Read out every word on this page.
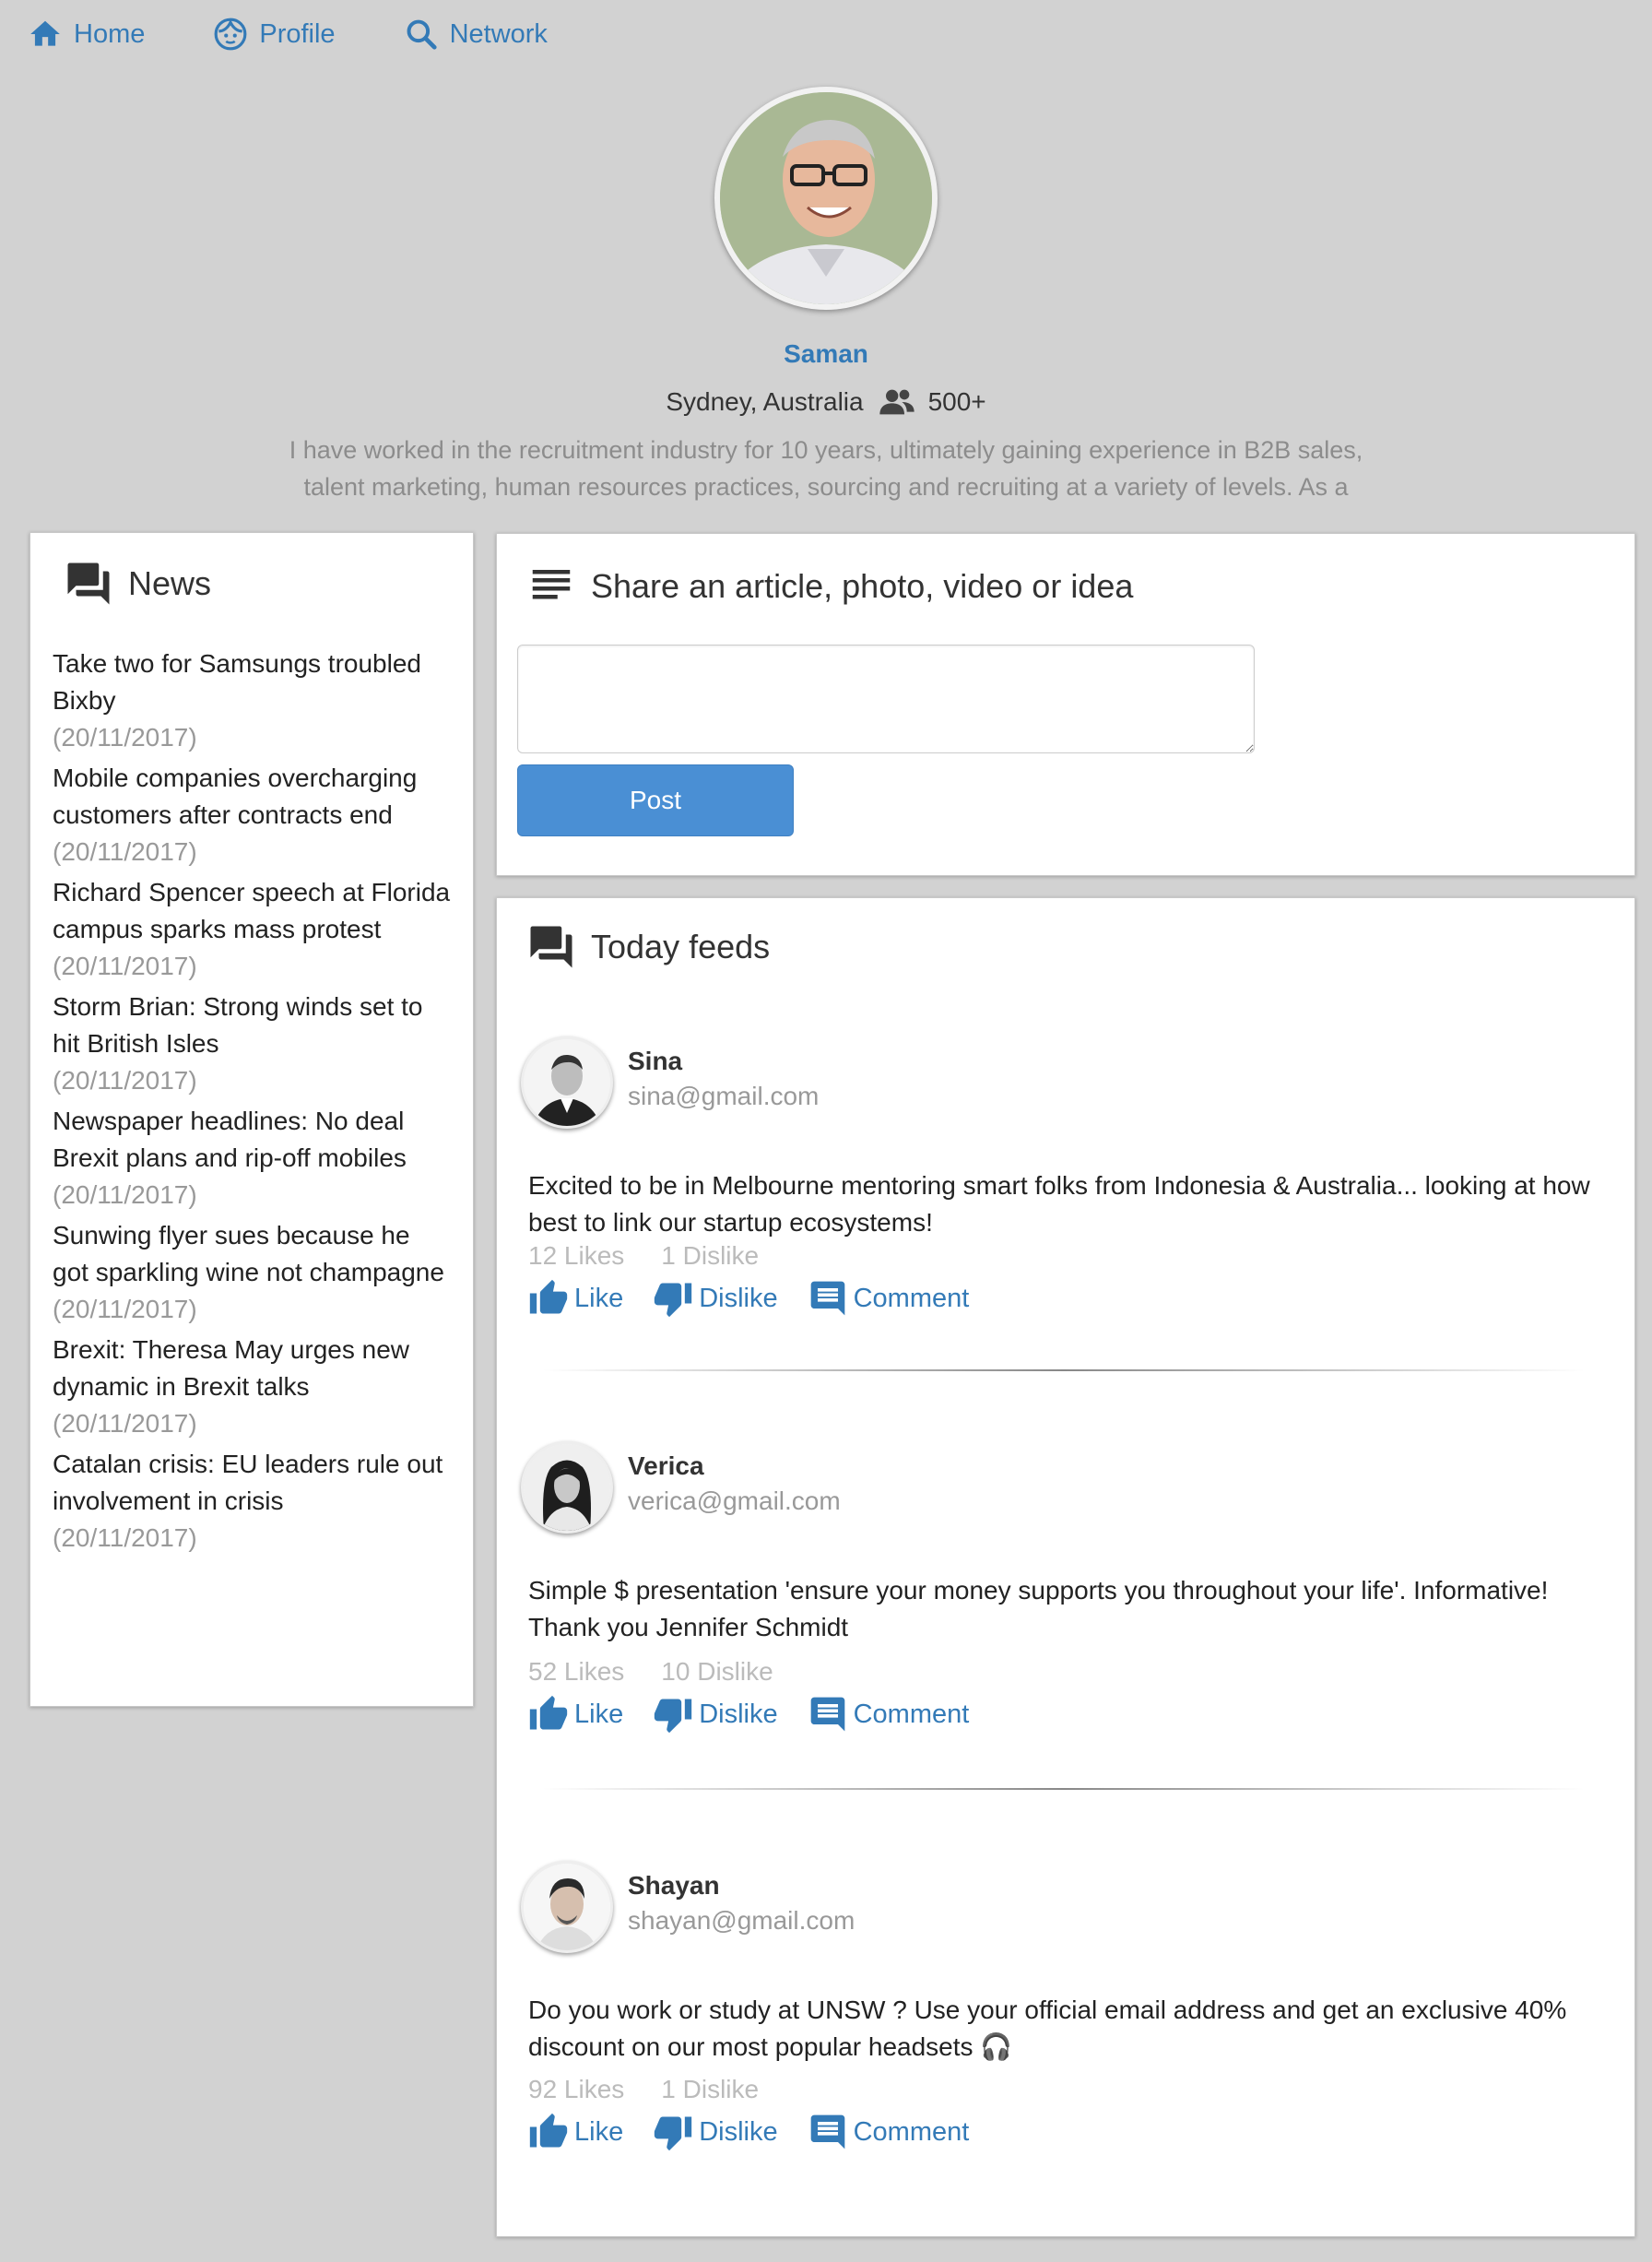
Home	Profile	Network
Saman
Sydney, Australia	500+

I have worked in the recruitment industry for 10 years, ultimately gaining experience in B2B sales, talent marketing, human resources practices, sourcing and recruiting at a variety of levels. As a

News
Take two for Samsungs troubled Bixby
(20/11/2017)
Mobile companies overcharging customers after contracts end
(20/11/2017)
Richard Spencer speech at Florida campus sparks mass protest
(20/11/2017)
Storm Brian: Strong winds set to hit British Isles
(20/11/2017)
Newspaper headlines: No deal Brexit plans and rip-off mobiles
(20/11/2017)
Sunwing flyer sues because he got sparkling wine not champagne
(20/11/2017)
Brexit: Theresa May urges new dynamic in Brexit talks
(20/11/2017)
Catalan crisis: EU leaders rule out involvement in crisis
(20/11/2017)
Share an article, photo, video or idea
Post
Today feeds
Sina
sina@gmail.com

Excited to be in Melbourne mentoring smart folks from Indonesia & Australia... looking at how best to link our startup ecosystems!

12 Likes 1 Dislike
Like	Dislike	Comment
Verica
verica@gmail.com

Simple $ presentation 'ensure your money supports you throughout your life'. Informative! Thank you Jennifer Schmidt

52 Likes 10 Dislike
Like	Dislike	Comment
Shayan
shayan@gmail.com

Do you work or study at UNSW ? Use your official email address and get an exclusive 40% discount on our most popular headsets 🎧

92 Likes 1 Dislike
Like	Dislike	Comment
